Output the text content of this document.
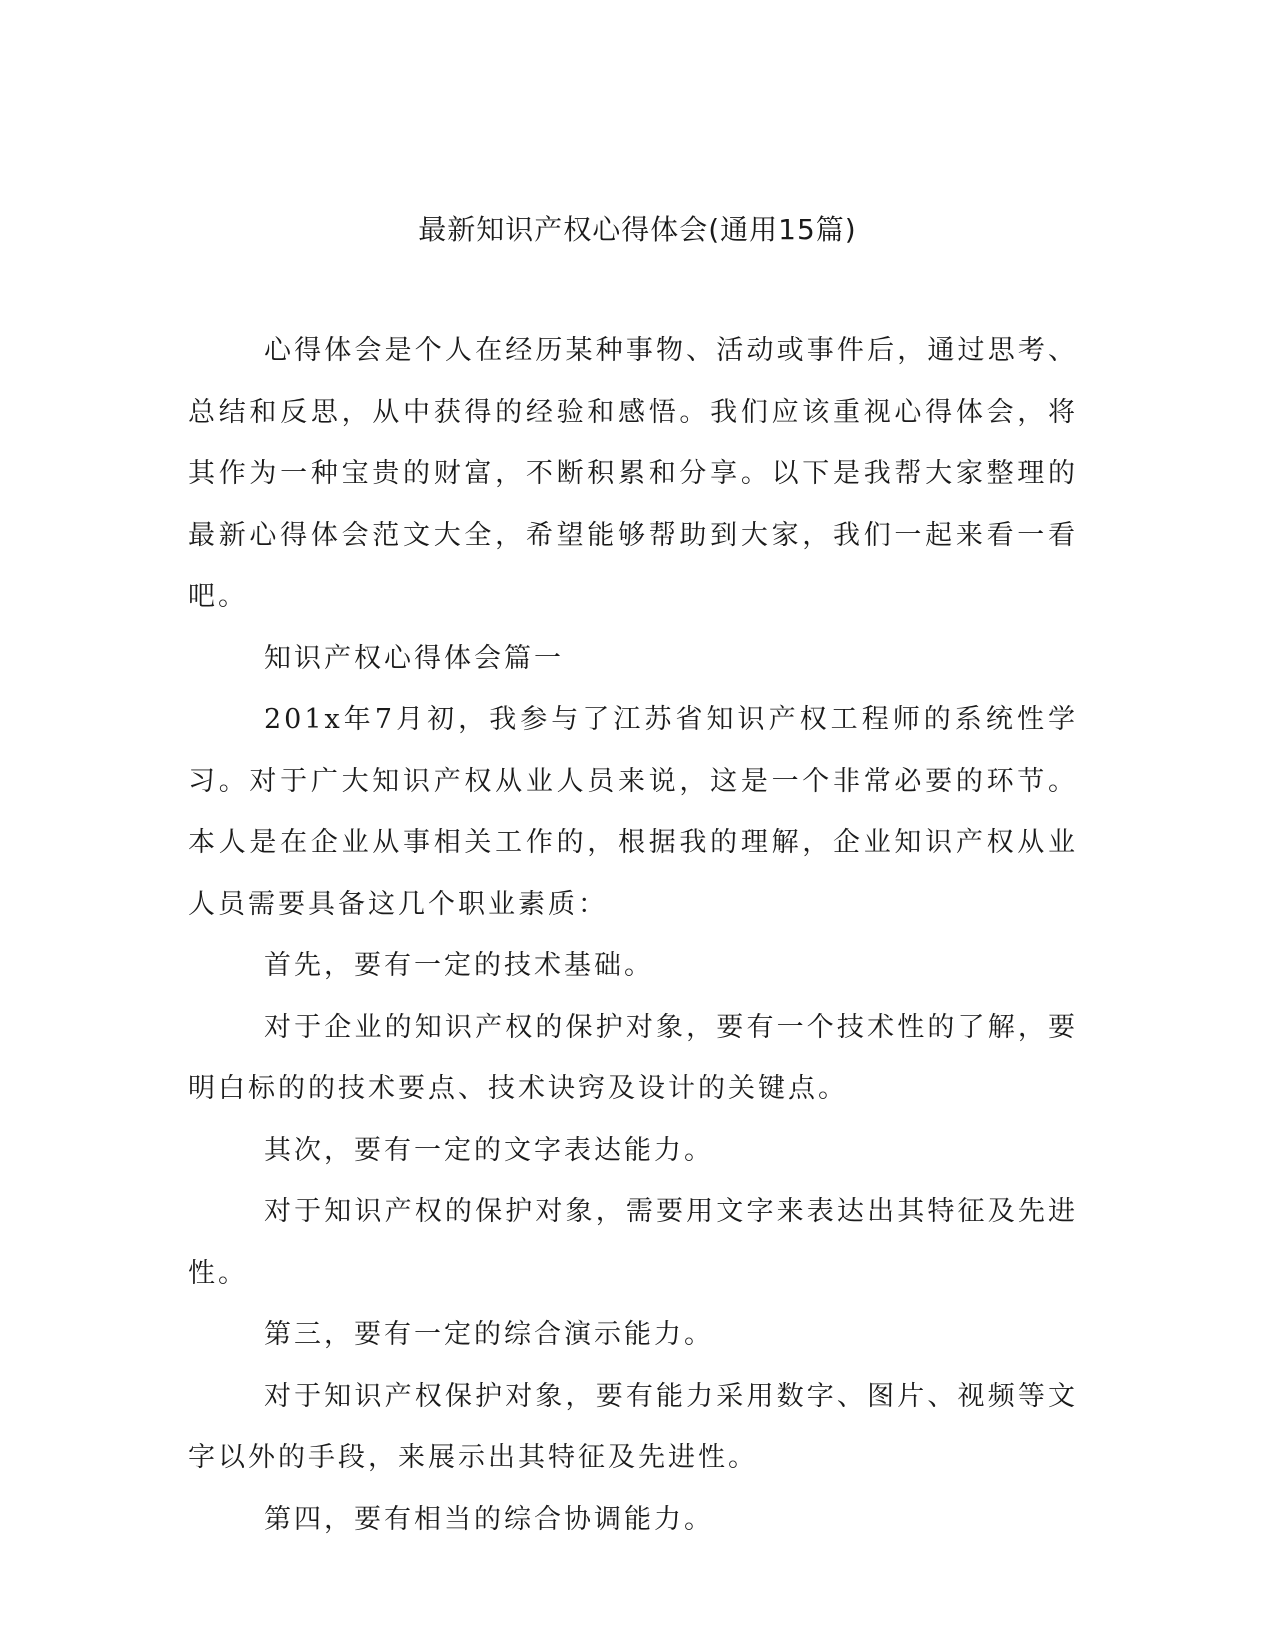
最新知识产权心得体会(通用15篇)

心得体会是个人在经历某种事物、活动或事件后，通过思考、总结和反思，从中获得的经验和感悟。我们应该重视心得体会，将其作为一种宝贵的财富，不断积累和分享。以下是我帮大家整理的最新心得体会范文大全，希望能够帮助到大家，我们一起来看一看吧。

知识产权心得体会篇一

201x年7月初，我参与了江苏省知识产权工程师的系统性学习。对于广大知识产权从业人员来说，这是一个非常必要的环节。本人是在企业从事相关工作的，根据我的理解，企业知识产权从业人员需要具备这几个职业素质：

首先，要有一定的技术基础。

对于企业的知识产权的保护对象，要有一个技术性的了解，要明白标的的技术要点、技术诀窍及设计的关键点。

其次，要有一定的文字表达能力。

对于知识产权的保护对象，需要用文字来表达出其特征及先进性。

第三，要有一定的综合演示能力。

对于知识产权保护对象，要有能力采用数字、图片、视频等文字以外的手段，来展示出其特征及先进性。

第四，要有相当的综合协调能力。
